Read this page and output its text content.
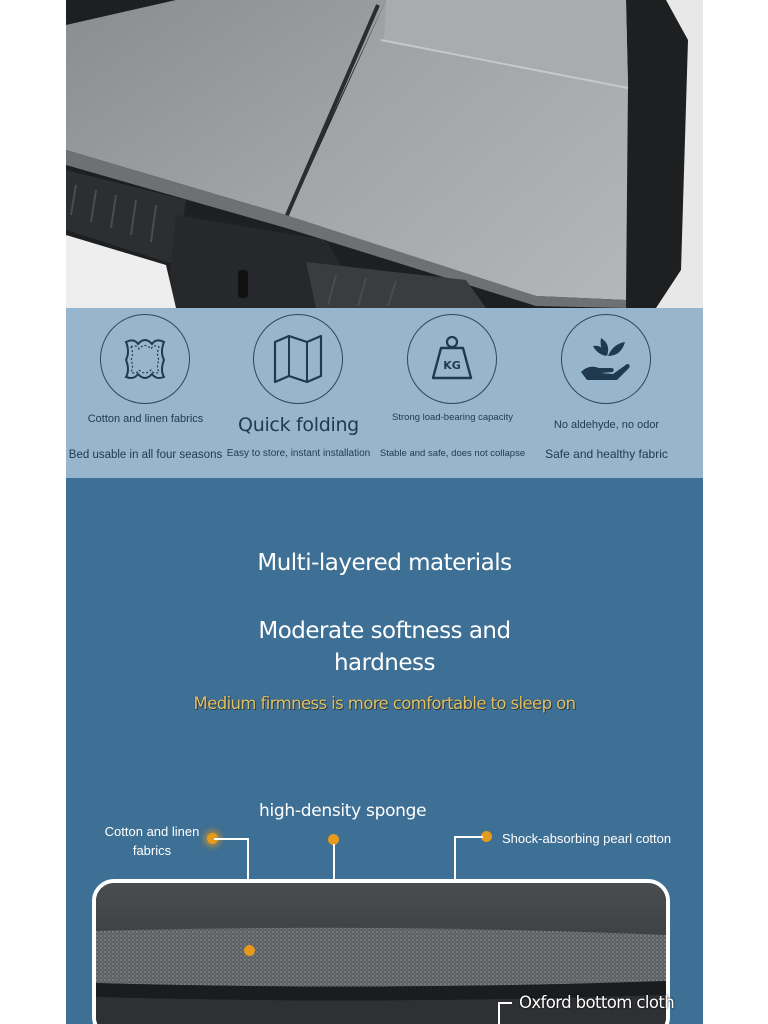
Cotton and linen fabrics
Bed usable in all four seasons
Quick folding
Easy to store, instant installation
KG
Strong load-bearing capacity
Stable and safe, does not collapse
No aldehyde, no odor
Safe and healthy fabric
Multi-layered materials
Moderate softness and
hardness
Medium firmness is more comfortable to sleep on
Cotton and linen
fabrics
high-density sponge
Shock-absorbing pearl cotton
Oxford bottom cloth
